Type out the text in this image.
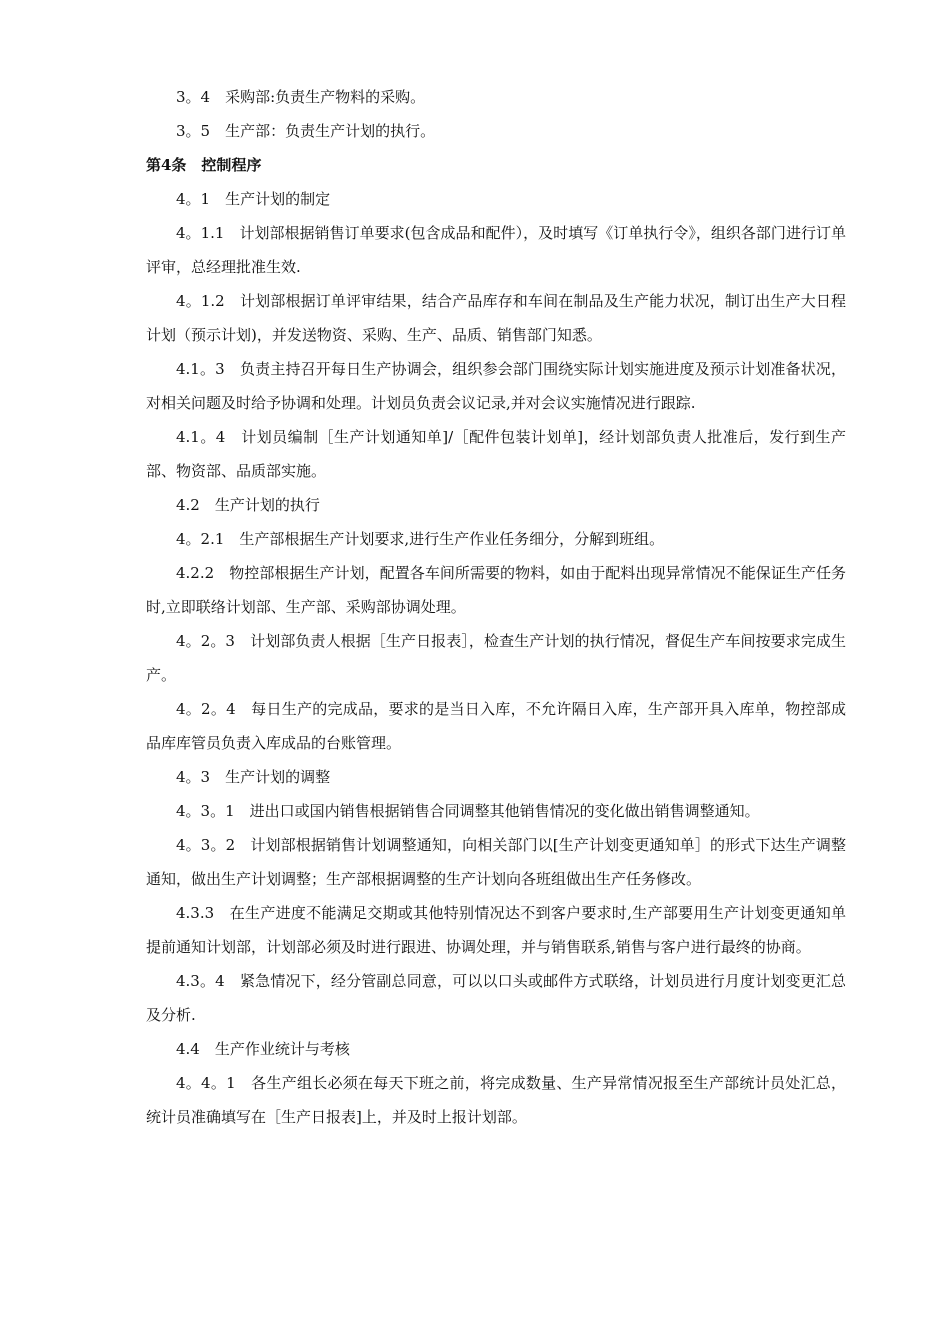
3。4　采购部:负责生产物料的采购。

3。5　生产部：负责生产计划的执行。

第4条　控制程序

4。1　生产计划的制定

4。1.1　计划部根据销售订单要求(包含成品和配件），及时填写《订单执行令》，组织各部门进行订单评审，总经理批准生效.

4。1.2　计划部根据订单评审结果，结合产品库存和车间在制品及生产能力状况，制订出生产大日程计划（预示计划)，并发送物资、采购、生产、品质、销售部门知悉。

4.1。3　负责主持召开每日生产协调会，组织参会部门围绕实际计划实施进度及预示计划准备状况，对相关问题及时给予协调和处理。计划员负责会议记录,并对会议实施情况进行跟踪.

4.1。4　计划员编制［生产计划通知单]/［配件包装计划单]，经计划部负责人批准后，发行到生产部、物资部、品质部实施。

4.2　生产计划的执行

4。2.1　生产部根据生产计划要求,进行生产作业任务细分，分解到班组。

4.2.2　物控部根据生产计划，配置各车间所需要的物料，如由于配料出现异常情况不能保证生产任务时,立即联络计划部、生产部、采购部协调处理。

4。2。3　计划部负责人根据［生产日报表］，检查生产计划的执行情况，督促生产车间按要求完成生产。

4。2。4　每日生产的完成品，要求的是当日入库，不允许隔日入库，生产部开具入库单，物控部成品库库管员负责入库成品的台账管理。

4。3　生产计划的调整

4。3。1　进出口或国内销售根据销售合同调整其他销售情况的变化做出销售调整通知。

4。3。2　计划部根据销售计划调整通知，向相关部门以[生产计划变更通知单］的形式下达生产调整通知，做出生产计划调整；生产部根据调整的生产计划向各班组做出生产任务修改。

4.3.3　在生产进度不能满足交期或其他特别情况达不到客户要求时,生产部要用生产计划变更通知单提前通知计划部，计划部必须及时进行跟进、协调处理，并与销售联系,销售与客户进行最终的协商。

4.3。4　紧急情况下，经分管副总同意，可以以口头或邮件方式联络，计划员进行月度计划变更汇总及分析.

4.4　生产作业统计与考核

4。4。1　各生产组长必须在每天下班之前，将完成数量、生产异常情况报至生产部统计员处汇总，统计员准确填写在［生产日报表]上，并及时上报计划部。
